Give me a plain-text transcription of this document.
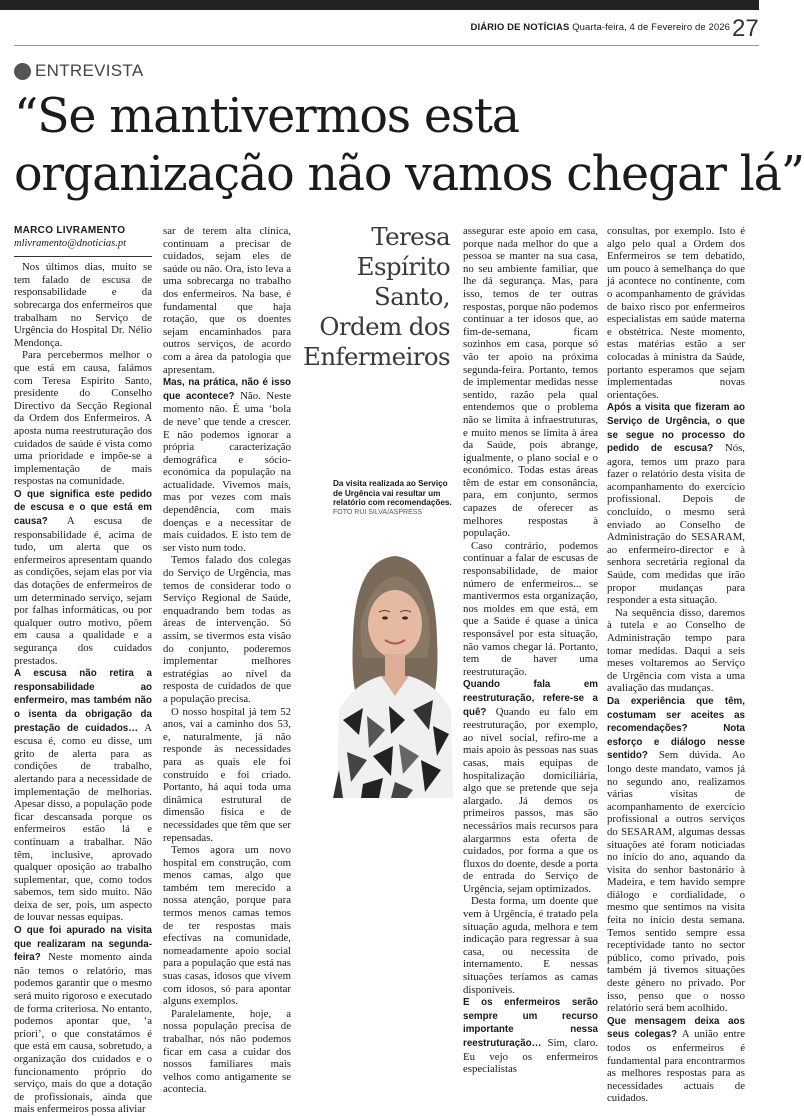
DIÁRIO DE NOTÍCIAS Quarta-feira, 4 de Fevereiro de 2026 27
ENTREVISTA
“Se mantivermos esta
organização não vamos chegar lá”
MARCO LIVRAMENTO
mlivramento@dnoticias.pt

Nos últimos dias, muito se tem falado de escusa de responsabilidade e da sobrecarga dos enfermeiros que trabalham no Serviço de Urgência do Hospital Dr. Nélio Mendonça.

Para percebermos melhor o que está em causa, falámos com Teresa Espírito Santo, presidente do Conselho Directivo da Secção Regional da Ordem dos Enfermeiros. A aposta numa reestruturação dos cuidados de saúde é vista como uma prioridade e impõe-se a implementação de mais respostas na comunidade.

O que significa este pedido de escusa e o que está em causa? A escusa de responsabilidade é, acima de tudo, um alerta que os enfermeiros apresentam quando as condições, sejam elas por via das dotações de enfermeiros de um determinado serviço, sejam por falhas informáticas, ou por qualquer outro motivo, põem em causa a qualidade e a segurança dos cuidados prestados.

A escusa não retira a responsabilidade ao enfermeiro, mas também não o isenta da obrigação da prestação de cuidados… A escusa é, como eu disse, um grito de alerta para as condições de trabalho, alertando para a necessidade de implementação de melhorias. Apesar disso, a população pode ficar descansada porque os enfermeiros estão lá e continuam a trabalhar. Não têm, inclusive, aprovado qualquer oposição ao trabalho suplementar, que, como todos sabemos, tem sido muito. Não deixa de ser, pois, um aspecto de louvar nessas equipas.

O que foi apurado na visita que realizaram na segunda-feira? Neste momento ainda não temos o relatório, mas podemos garantir que o mesmo será muito rigoroso e executado de forma criteriosa. No entanto, podemos apontar que, ‘a priori’, o que constatámos é que está em causa, sobretudo, a organização dos cuidados e o funcionamento próprio do serviço, mais do que a dotação de profissionais, ainda que mais enfermeiros possa aliviar

sar de terem alta clínica, continuam a precisar de cuidados, sejam eles de saúde ou não. Ora, isto leva a uma sobrecarga no trabalho dos enfermeiros. Na base, é fundamental que haja rotação, que os doentes sejam encaminhados para outros serviços, de acordo com a área da patologia que apresentam.

Mas, na prática, não é isso que acontece? Não. Neste momento não. É uma ‘bola de neve’ que tende a crescer. E não podemos ignorar a própria caracterização demográfica e sócio-económica da população na actualidade. Vivemos mais, mas por vezes com mais dependência, com mais doenças e a necessitar de mais cuidados. E isto tem de ser visto num todo.

Temos falado dos colegas do Serviço de Urgência, mas temos de considerar todo o Serviço Regional de Saúde, enquadrando bem todas as áreas de intervenção. Só assim, se tivermos esta visão do conjunto, poderemos implementar melhores estratégias ao nível da resposta de cuidados de que a população precisa.

O nosso hospital já tem 52 anos, vai a caminho dos 53, e, naturalmente, já não responde às necessidades para as quais ele foi construído e foi criado. Portanto, há aqui toda uma dinâmica estrutural de dimensão física e de necessidades que têm que ser repensadas.

Temos agora um novo hospital em construção, com menos camas, algo que também tem merecido a nossa atenção, porque para termos menos camas temos de ter respostas mais efectivas na comunidade, nomeadamente apoio social para a população que está nas suas casas, idosos que vivem com idosos, só para apontar alguns exemplos.

Paralelamente, hoje, a nossa população precisa de trabalhar, nós não podemos ficar em casa a cuidar dos nossos familiares mais velhos como antigamente se acontecia.

Teresa
Espírito
Santo,
Ordem dos
Enfermeiros
Da visita realizada ao Serviço de Urgência vai resultar um relatório com recomendações.
FOTO RUI SILVA/ASPRESS

assegurar este apoio em casa, porque nada melhor do que a pessoa se manter na sua casa, no seu ambiente familiar, que lhe dá segurança. Mas, para isso, temos de ter outras respostas, porque não podemos continuar a ter idosos que, ao fim-de-semana, ficam sozinhos em casa, porque só vão ter apoio na próxima segunda-feira. Portanto, temos de implementar medidas nesse sentido, razão pela qual entendemos que o problema não se limita à infraestruturas, e muito menos se limita à área da Saúde, pois abrange, igualmente, o plano social e o económico. Todas estas áreas têm de estar em consonância, para, em conjunto, sermos capazes de oferecer as melhores respostas à população.

Caso contrário, podemos continuar a falar de escusas de responsabilidade, de maior número de enfermeiros... se mantivermos esta organização, nos moldes em que está, em que a Saúde é quase a única responsável por esta situação, não vamos chegar lá. Portanto, tem de haver uma reestruturação.

Quando fala em reestruturação, refere-se a quê? Quando eu falo em reestruturação, por exemplo, ao nível social, refiro-me a mais apoio às pessoas nas suas casas, mais equipas de hospitalização domiciliária, algo que se pretende que seja alargado. Já demos os primeiros passos, mas são necessários mais recursos para alargarmos esta oferta de cuidados, por forma a que os fluxos do doente, desde a porta de entrada do Serviço de Urgência, sejam optimizados.

Desta forma, um doente que vem à Urgência, é tratado pela situação aguda, melhora e tem indicação para regressar à sua casa, ou necessita de internamento. E nessas situações teríamos as camas disponíveis.

E os enfermeiros serão sempre um recurso importante nessa reestruturação… Sim, claro. Eu vejo os enfermeiros especialistas

consultas, por exemplo. Isto é algo pelo qual a Ordem dos Enfermeiros se tem debatido, um pouco à semelhança do que já acontece no continente, com o acompanhamento de grávidas de baixo risco por enfermeiros especialistas em saúde materna e obstétrica. Neste momento, estas matérias estão a ser colocadas à ministra da Saúde, portanto esperamos que sejam implementadas novas orientações.

Após a visita que fizeram ao Serviço de Urgência, o que se segue no processo do pedido de escusa? Nós, agora, temos um prazo para fazer o relatório desta visita de acompanhamento do exercício profissional. Depois de concluído, o mesmo será enviado ao Conselho de Administração do SESARAM, ao enfermeiro-director e à senhora secretária regional da Saúde, com medidas que irão propor mudanças para responder a esta situação.

Na sequência disso, daremos à tutela e ao Conselho de Administração tempo para tomar medidas. Daqui a seis meses voltaremos ao Serviço de Urgência com vista a uma avaliação das mudanças.

Da experiência que têm, costumam ser aceites as recomendações? Nota esforço e diálogo nesse sentido? Sem dúvida. Ao longo deste mandato, vamos já no segundo ano, realizamos várias visitas de acompanhamento de exercício profissional a outros serviços do SESARAM, algumas dessas situações até foram noticiadas no início do ano, aquando da visita do senhor bastonário à Madeira, e tem havido sempre diálogo e cordialidade, o mesmo que sentimos na visita feita no início desta semana. Temos sentido sempre essa receptividade tanto no sector público, como privado, pois também já tivemos situações deste género no privado. Por isso, penso que o nosso relatório será bem acolhido.

Que mensagem deixa aos seus colegas? A união entre todos os enfermeiros é fundamental para encontrarmos as melhores respostas para as necessidades actuais de cuidados.
